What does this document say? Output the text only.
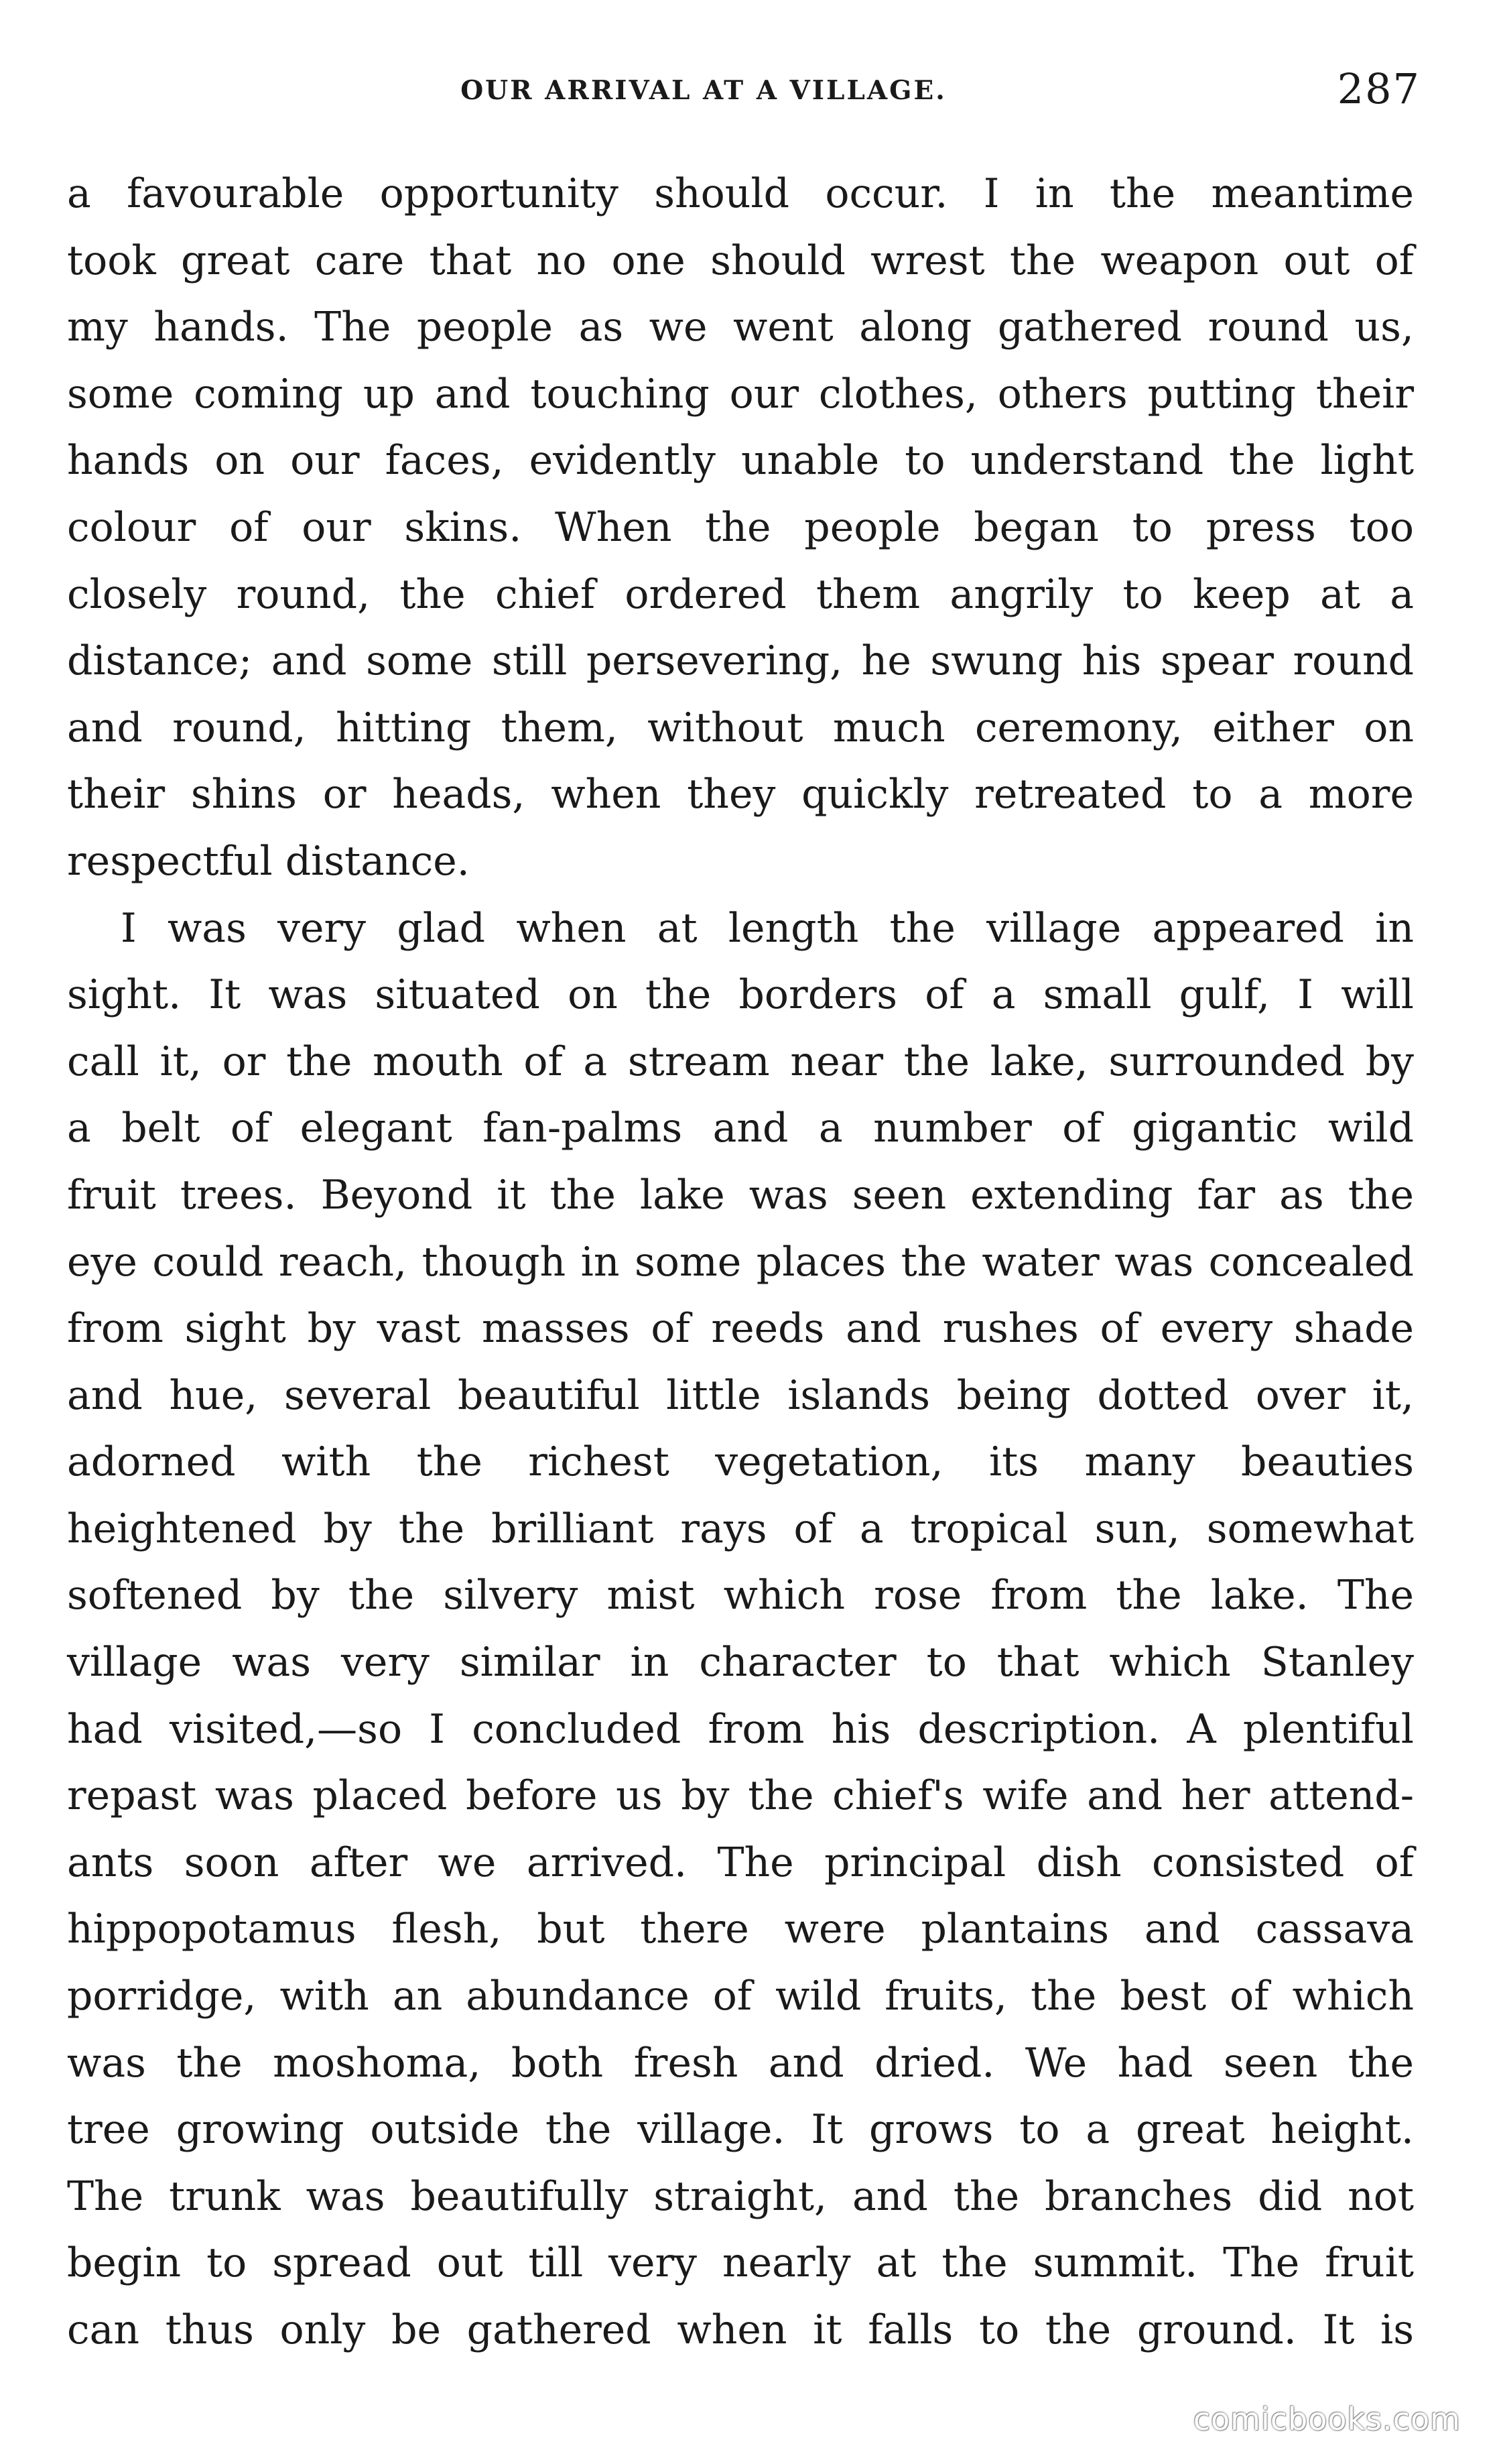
OUR ARRIVAL AT A VILLAGE.	287
a favourable opportunity should occur. I in the meantime
took great care that no one should wrest the weapon out of
my hands. The people as we went along gathered round us,
some coming up and touching our clothes, others putting their
hands on our faces, evidently unable to understand the light
colour of our skins. When the people began to press too
closely round, the chief ordered them angrily to keep at a
distance; and some still persevering, he swung his spear round
and round, hitting them, without much ceremony, either on
their shins or heads, when they quickly retreated to a more
respectful distance.
I was very glad when at length the village appeared in
sight. It was situated on the borders of a small gulf, I will
call it, or the mouth of a stream near the lake, surrounded by
a belt of elegant fan-palms and a number of gigantic wild
fruit trees. Beyond it the lake was seen extending far as the
eye could reach, though in some places the water was concealed
from sight by vast masses of reeds and rushes of every shade
and hue, several beautiful little islands being dotted over it,
adorned with the richest vegetation, its many beauties
heightened by the brilliant rays of a tropical sun, somewhat
softened by the silvery mist which rose from the lake. The
village was very similar in character to that which Stanley
had visited,—so I concluded from his description. A plentiful
repast was placed before us by the chief's wife and her attend-
ants soon after we arrived. The principal dish consisted of
hippopotamus flesh, but there were plantains and cassava
porridge, with an abundance of wild fruits, the best of which
was the moshoma, both fresh and dried. We had seen the
tree growing outside the village. It grows to a great height.
The trunk was beautifully straight, and the branches did not
begin to spread out till very nearly at the summit. The fruit
can thus only be gathered when it falls to the ground. It is
comicbooks.com
